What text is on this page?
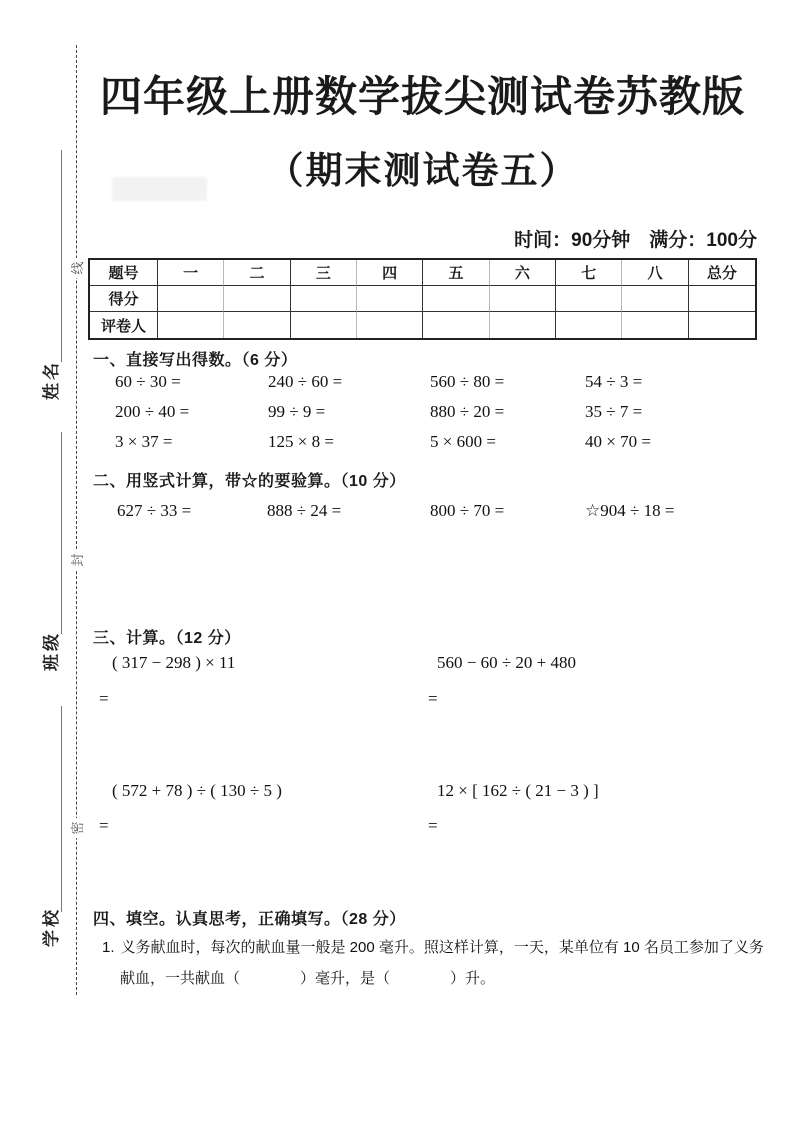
姓名
班级
学校
线
封
密
四年级上册数学拔尖测试卷苏教版
（期末测试卷五）
时间：90分钟　满分：100分
题号	一	二	三	四	五	六	七	八	总分
得分
评卷人
一、直接写出得数。（6 分）
60 ÷ 30 =	240 ÷ 60 =	560 ÷ 80 =	54 ÷ 3 =
200 ÷ 40 =	99 ÷ 9 =	880 ÷ 20 =	35 ÷ 7 =
3 × 37 =	125 × 8 =	5 × 600 =	40 × 70 =
二、用竖式计算，带☆的要验算。（10 分）
627 ÷ 33 =	888 ÷ 24 =	800 ÷ 70 =	☆904 ÷ 18 =
三、计算。（12 分）
( 317 − 298 ) × 11	560 − 60 ÷ 20 + 480
=	=
( 572 + 78 ) ÷ ( 130 ÷ 5 )	12 × [ 162 ÷ ( 21 − 3 ) ]
=	=
四、填空。认真思考，正确填写。（28 分）
1. 义务献血时，每次的献血量一般是 200 毫升。照这样计算，一天，某单位有 10 名员工参加了义务
献血，一共献血（　　　　）毫升，是（　　　　）升。
